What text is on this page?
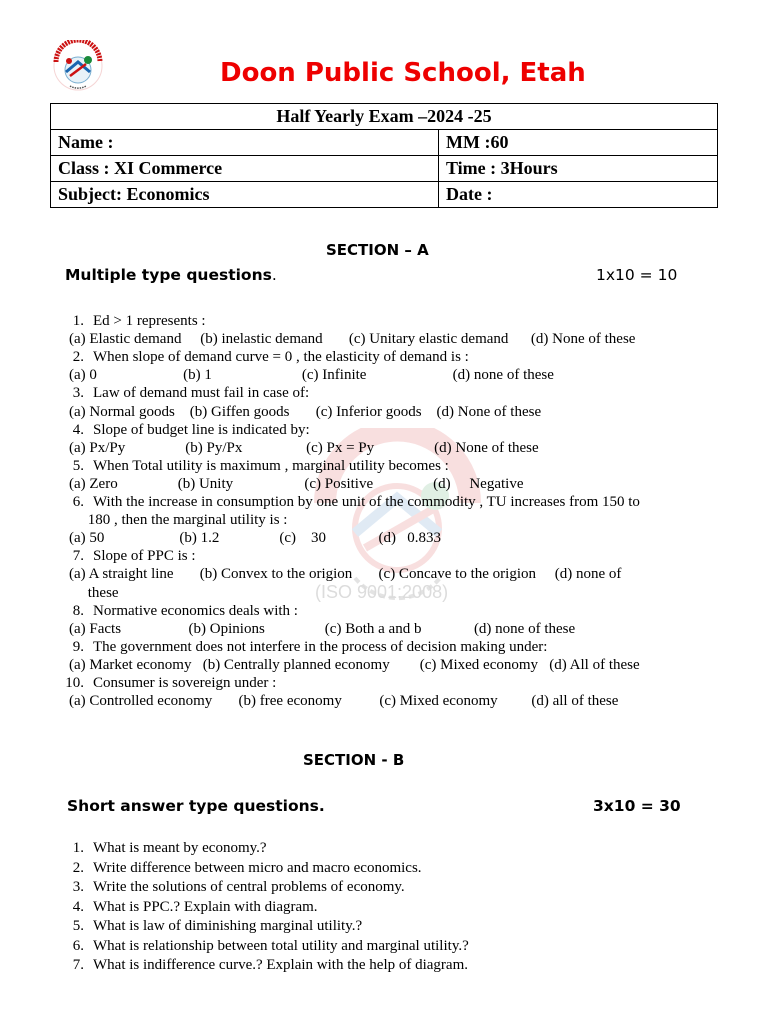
Doon Public School, Etah
Half Yearly Exam –2024 -25	
Name :	MM :60
Class : XI Commerce	Time : 3Hours
Subject: Economics	Date :
(ISO 9001:2008)
SECTION – A
Multiple type questions.	1x10 = 10
1. Ed > 1 represents :
(a) Elastic demand     (b) inelastic demand       (c) Unitary elastic demand      (d) None of these
2. When slope of demand curve = 0 , the elasticity of demand is :
(a) 0                       (b) 1                        (c) Infinite                       (d) none of these
3. Law of demand must fail in case of:
(a) Normal goods    (b) Giffen goods       (c) Inferior goods    (d) None of these
4. Slope of budget line is indicated by:
(a) Px/Py                (b) Py/Px                 (c) Px = Py                (d) None of these
5. When Total utility is maximum , marginal utility becomes :
(a) Zero                (b) Unity                   (c) Positive                (d)     Negative
6. With the increase in consumption by one unit of the commodity , TU increases from 150 to
180 , then the marginal utility is :
(a) 50                    (b) 1.2                (c)    30              (d)   0.833
7. Slope of PPC is :
(a) A straight line       (b) Convex to the origion       (c) Concave to the origion     (d) none of
these
8. Normative economics deals with :
(a) Facts                  (b) Opinions                (c) Both a and b              (d) none of these
9. The government does not interfere in the process of decision making under:
(a) Market economy   (b) Centrally planned economy        (c) Mixed economy   (d) All of these
10. Consumer is sovereign under :
(a) Controlled economy       (b) free economy          (c) Mixed economy         (d) all of these
SECTION - B
Short answer type questions.	3x10 = 30
1. What is meant by economy.?
2. Write difference between micro and macro economics.
3. Write the solutions of central problems of economy.
4. What is PPC.? Explain with diagram.
5. What is law of diminishing marginal utility.?
6. What is relationship between total utility and marginal utility.?
7. What is indifference curve.? Explain with the help of diagram.
